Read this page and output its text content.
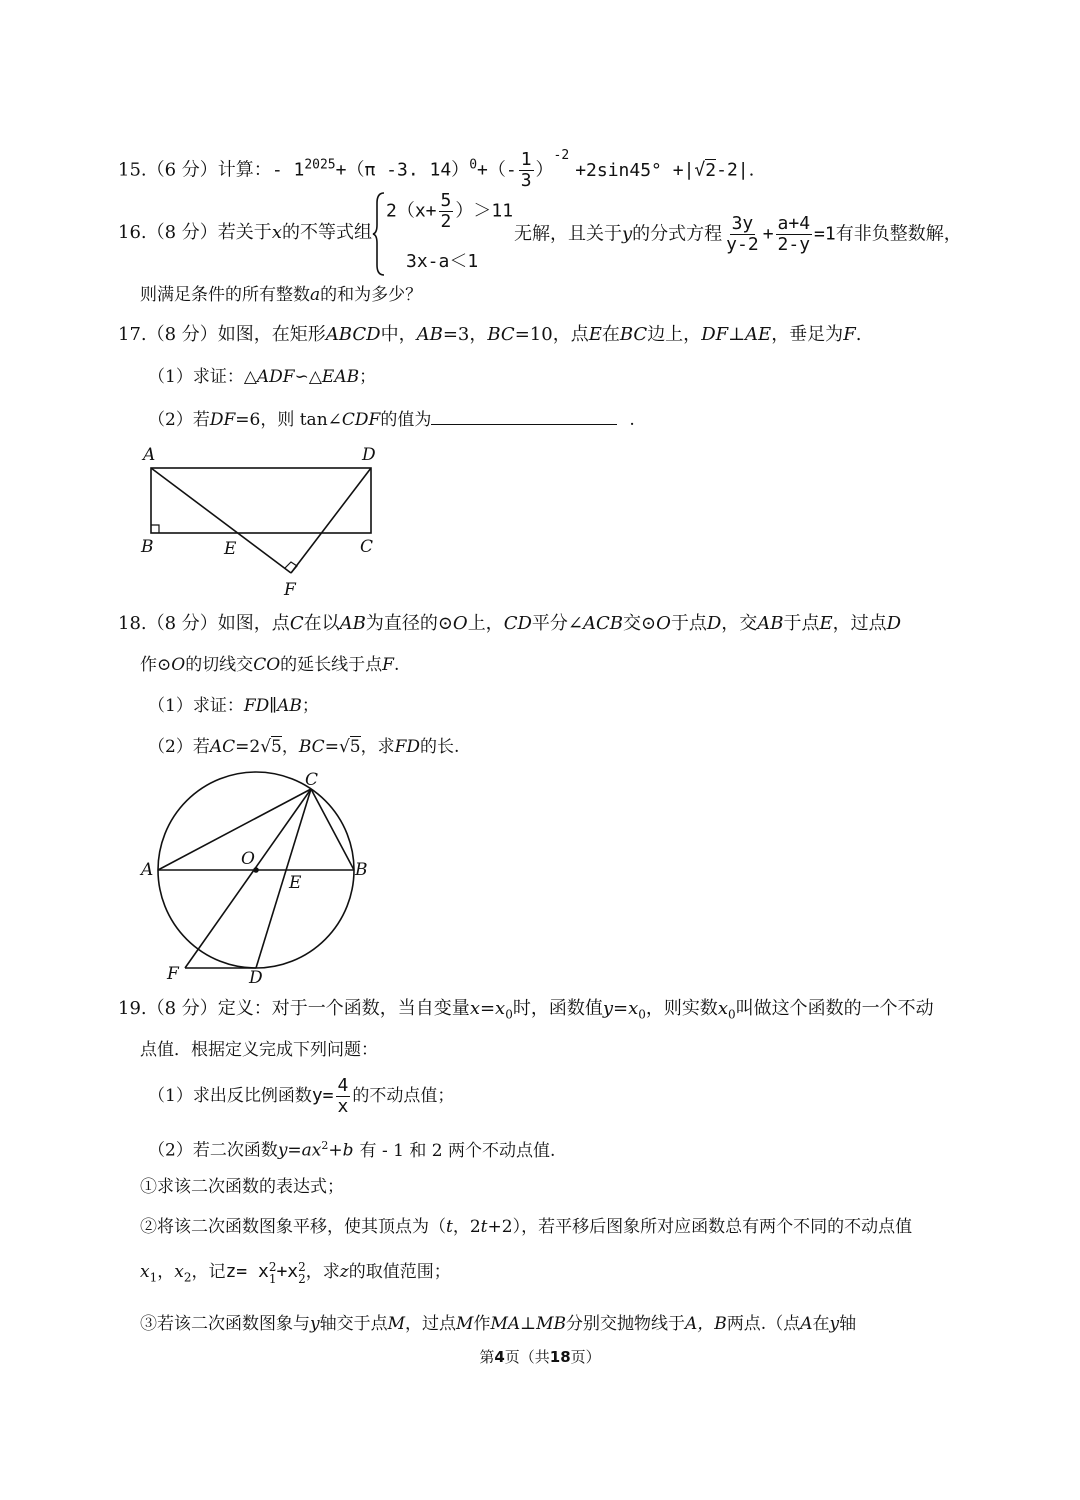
15.（6 分）计算：- $1^{2025}+(\pi$ -3. $14)^0+(- \frac{1}{3} )^{-2}+2\sin 45^\circ +|√2-2|$.
16.（8 分）若关于x的不等式组
$2(x+ \frac{5}{2} )>11$
3x-a＜1
无解，且关于y的分式方程 $\frac{3y}{y-2} + \frac{a+4}{2-y} =1$有非负整数解，
则满足条件的所有整数a的和为多少？
17.（8 分）如图，在矩形ABCD中，AB=3，BC=10，点E在BC边上，DF⊥AE，垂足为F.
（1）求证：△ADF∽△EAB；
（2）若DF=6，则 tan∠CDF的值为	.
A	D
B	E	C
F
18.（8 分）如图，点C在以AB为直径的⊙O上，CD平分∠ACB交⊙O于点D，交AB于点E，过点D
作⊙O的切线交CO的延长线于点F.
（1）求证：FD∥AB；
（2）若AC=2√5，BC=√5，求FD的长.
C
A
O
E
B
F	D
19.（8 分）定义：对于一个函数，当自变量$x=x_0$时，函数值$y=x_0$，则实数$x_0$叫做这个函数的一个不动
点值．根据定义完成下列问题：
（1）求出反比例函数$y= \frac{4}{x}$ 的不动点值；
（2）若二次函数$y=ax^2+b$ 有 - 1 和 2 两个不动点值.
①求该二次函数的表达式；
②将该二次函数图象平移，使其顶点为（t，2t+2），若平移后图象所对应函数总有两个不同的不动点值
$x_1$，$x_2$，记z= x 2
1 +x 2
2 ，求z的取值范围；
③若该二次函数图象与y轴交于点M，过点M作MA⊥MB分别交抛物线于A，B两点.（点A在y轴
第4页（共18页）
